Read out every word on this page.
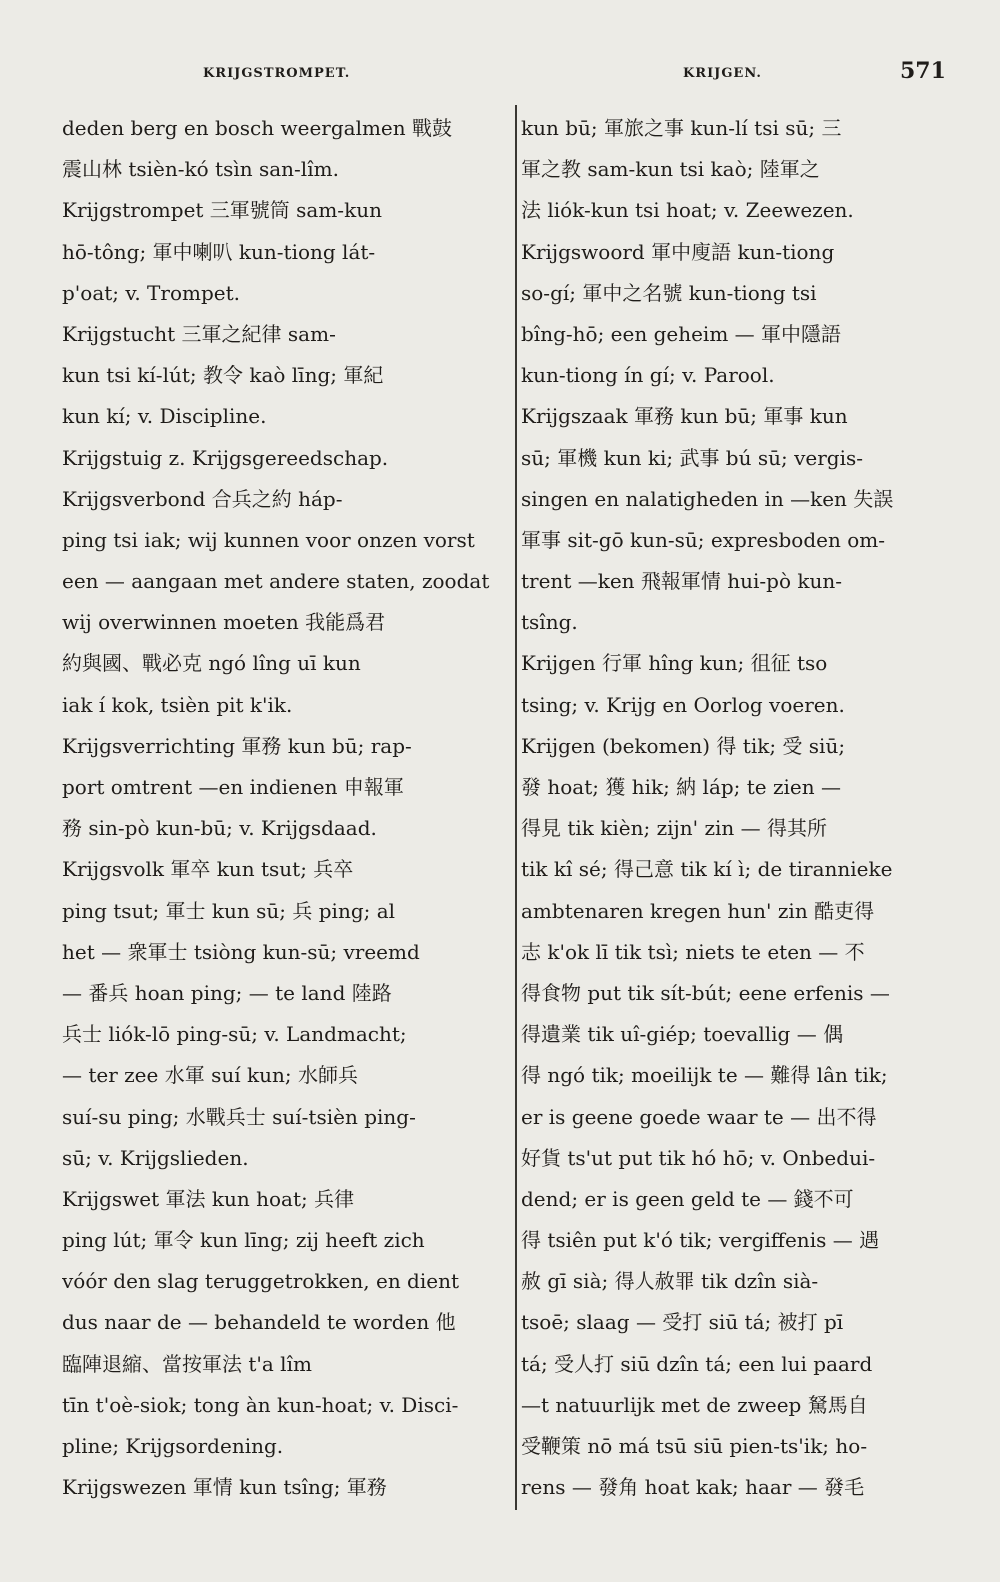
KRIJGSTROMPET.	KRIJGEN.	571
deden berg en bosch weergalmen 戰鼓
震山林 tsièn-kó tsìn san-lîm.
Krijgstrompet 三軍號筒 sam-kun
hō-tông; 軍中喇叭 kun-tiong lát-
p'oat; v. Trompet.
Krijgstucht 三軍之紀律 sam-
kun tsi kí-lút; 教令 kaò līng; 軍紀
kun kí; v. Discipline.
Krijgstuig z. Krijgsgereedschap.
Krijgsverbond 合兵之約 háp-
ping tsi iak; wij kunnen voor onzen vorst
een — aangaan met andere staten, zoodat
wij overwinnen moeten 我能爲君
約與國、戰必克 ngó lîng uī kun
iak í kok, tsièn pit k'ik.
Krijgsverrichting 軍務 kun bū; rap-
port omtrent —en indienen 申報軍
務 sin-pò kun-bū; v. Krijgsdaad.
Krijgsvolk 軍卒 kun tsut; 兵卒
ping tsut; 軍士 kun sū; 兵 ping; al
het — 衆軍士 tsiòng kun-sū; vreemd
— 番兵 hoan ping; — te land 陸路
兵士 liók-lō ping-sū; v. Landmacht;
— ter zee 水軍 suí kun; 水師兵
suí-su ping; 水戰兵士 suí-tsièn ping-
sū; v. Krijgslieden.
Krijgswet 軍法 kun hoat; 兵律
ping lút; 軍令 kun līng; zij heeft zich
vóór den slag teruggetrokken, en dient
dus naar de — behandeld te worden 他
臨陣退縮、當按軍法 t'a lîm
tīn t'oè-siok; tong àn kun-hoat; v. Disci-
pline; Krijgsordening.
Krijgswezen 軍情 kun tsîng; 軍務
kun bū; 軍旅之事 kun-lí tsi sū; 三
軍之教 sam-kun tsi kaò; 陸軍之
法 liók-kun tsi hoat; v. Zeewezen.
Krijgswoord 軍中廋語 kun-tiong
so-gí; 軍中之名號 kun-tiong tsi
bîng-hō; een geheim — 軍中隱語
kun-tiong ín gí; v. Parool.
Krijgszaak 軍務 kun bū; 軍事 kun
sū; 軍機 kun ki; 武事 bú sū; vergis-
singen en nalatigheden in —ken 失誤
軍事 sit-gō kun-sū; expresboden om-
trent —ken 飛報軍情 hui-pò kun-
tsîng.
Krijgen 行軍 hîng kun; 徂征 tso
tsing; v. Krijg en Oorlog voeren.
Krijgen (bekomen) 得 tik; 受 siū;
發 hoat; 獲 hik; 納 láp; te zien —
得見 tik kièn; zijn' zin — 得其所
tik kî sé; 得己意 tik kí ì; de tirannieke
ambtenaren kregen hun' zin 酷吏得
志 k'ok lī tik tsì; niets te eten — 不
得食物 put tik sít-bút; eene erfenis —
得遺業 tik uî-giép; toevallig — 偶
得 ngó tik; moeilijk te — 難得 lân tik;
er is geene goede waar te — 出不得
好貨 ts'ut put tik hó hō; v. Onbedui-
dend; er is geen geld te — 錢不可
得 tsiên put k'ó tik; vergiffenis — 遇
赦 gī sià; 得人赦罪 tik dzîn sià-
tsoē; slaag — 受打 siū tá; 被打 pī
tá; 受人打 siū dzîn tá; een lui paard
—t natuurlijk met de zweep 駑馬自
受鞭策 nō má tsū siū pien-ts'ik; ho-
rens — 發角 hoat kak; haar — 發毛
